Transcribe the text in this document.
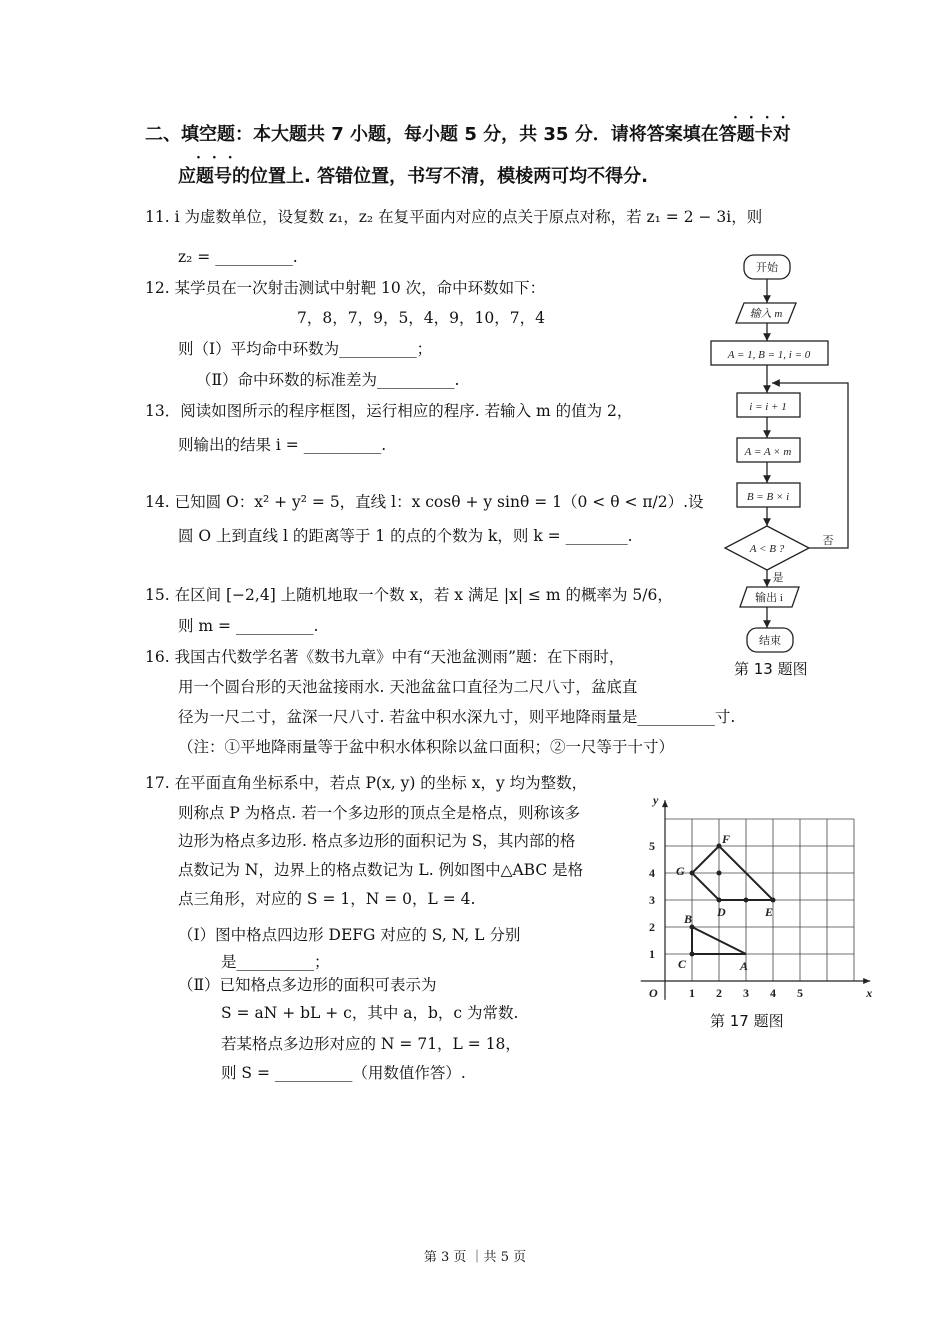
····
二、填空题：本大题共 7 小题，每小题 5 分，共 35 分．请将答案填在答题卡对
···
应题号的位置上. 答错位置，书写不清，模棱两可均不得分.
11. i 为虚数单位，设复数 z₁，z₂ 在复平面内对应的点关于原点对称，若 z₁ = 2 − 3i，则
z₂ = __________.
12. 某学员在一次射击测试中射靶 10 次，命中环数如下：
7，8，7，9，5，4，9，10，7，4
则（Ⅰ）平均命中环数为__________；
（Ⅱ）命中环数的标准差为__________.
13．阅读如图所示的程序框图，运行相应的程序. 若输入 m 的值为 2，
则输出的结果 i = __________.
14. 已知圆 O：x² + y² = 5，直线 l：x cosθ + y sinθ = 1（0 < θ < π/2）.设
圆 O 上到直线 l 的距离等于 1 的点的个数为 k，则 k = ________.
15. 在区间 [−2,4] 上随机地取一个数 x，若 x 满足 |x| ≤ m 的概率为 5/6，
则 m = __________.
16. 我国古代数学名著《数书九章》中有“天池盆测雨”题：在下雨时，
用一个圆台形的天池盆接雨水. 天池盆盆口直径为二尺八寸，盆底直
径为一尺二寸，盆深一尺八寸. 若盆中积水深九寸，则平地降雨量是__________寸.
（注：①平地降雨量等于盆中积水体积除以盆口面积；②一尺等于十寸）
17. 在平面直角坐标系中，若点 P(x, y) 的坐标 x，y 均为整数，
则称点 P 为格点. 若一个多边形的顶点全是格点，则称该多
边形为格点多边形. 格点多边形的面积记为 S，其内部的格
点数记为 N，边界上的格点数记为 L. 例如图中△ABC 是格
点三角形，对应的 S = 1，N = 0，L = 4.
（Ⅰ）图中格点四边形 DEFG 对应的 S, N, L 分别
是__________；
（Ⅱ）已知格点多边形的面积可表示为
S = aN + bL + c，其中 a，b，c 为常数.
若某格点多边形对应的 N = 71，L = 18，
则 S = __________（用数值作答）.
开始
输入 m
A = 1, B = 1, i = 0
i = i + 1
A = A × m
B = B × i
A < B ?
否
是
输出 i
结束
第 13 题图
1 2 3 4 5
1
2
3
4
5
O	x
y
A
B
C
D	E
F
G
第 17 题图
第 3 页 ｜共 5 页
